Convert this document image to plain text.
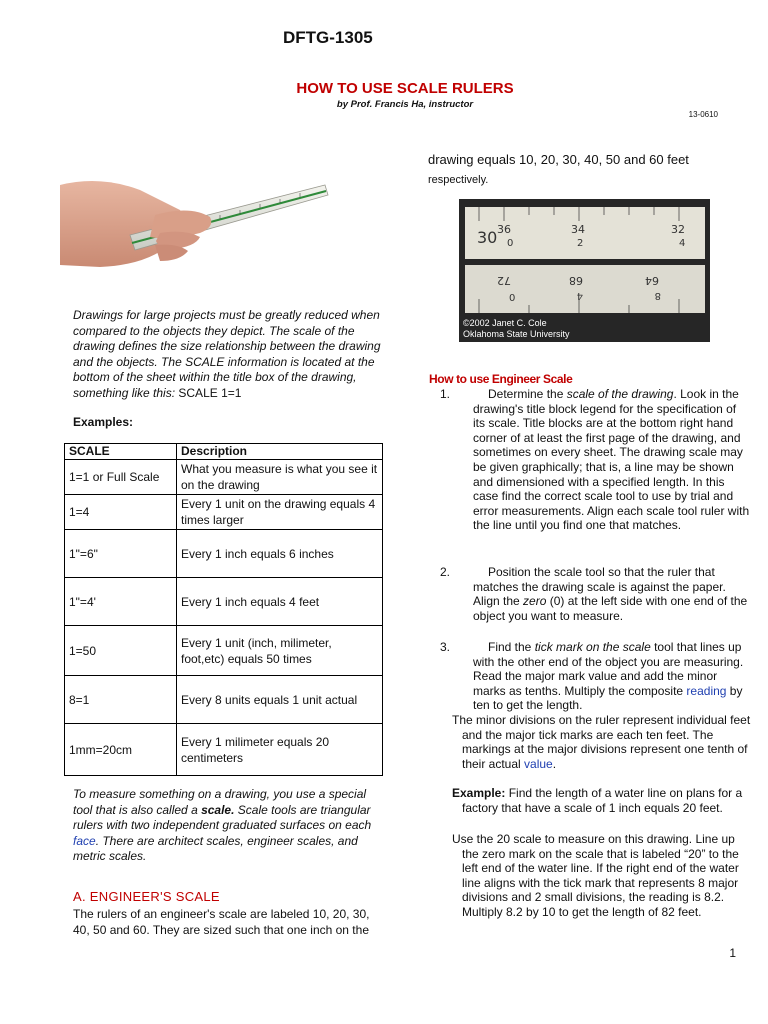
DFTG-1305
HOW TO USE SCALE RULERS
by Prof. Francis Ha, instructor
13-0610
Drawings for large projects must be greatly reduced when compared to the objects they depict. The scale of the drawing defines the size relationship between the drawing and the objects. The SCALE information is located at the bottom of the sheet within the title box of the drawing, something like this: SCALE 1=1
Examples:
SCALE	Description
1=1 or Full Scale	What you measure is what you see it on the drawing
1=4	Every 1 unit on the drawing equals 4 times larger
1"=6"	Every 1 inch equals 6 inches
1"=4'	Every 1 inch equals 4 feet
1=50	Every 1 unit (inch, milimeter, foot,etc) equals 50 times
8=1	Every 8 units equals 1 unit actual
1mm=20cm	Every 1 milimeter equals 20 centimeters
To measure something on a drawing, you use a special tool that is also called a scale. Scale tools are triangular rulers with two independent graduated surfaces on each face. There are architect scales, engineer scales, and metric scales.
A. ENGINEER'S SCALE
The rulers of an engineer's scale are labeled 10, 20, 30, 40, 50 and 60. They are sized such that one inch on the
drawing equals 10, 20, 30, 40, 50 and 60 feet respectively.
30 36
0
34
2
32
4
72
0
68
4
64
8
©2002 Janet C. Cole
Oklahoma State University
How to use Engineer Scale
1.	Determine the scale of the drawing. Look in the drawing's title block legend for the specification of its scale. Title blocks are at the bottom right hand corner of at least the first page of the drawing, and sometimes on every sheet. The drawing scale may be given graphically; that is, a line may be shown and dimensioned with a specified length. In this case find the correct scale tool to use by trial and error measurements. Align each scale tool ruler with the line until you find one that matches.
2.	Position the scale tool so that the ruler that matches the drawing scale is against the paper. Align the zero (0) at the left side with one end of the object you want to measure.
3.	Find the tick mark on the scale tool that lines up with the other end of the object you are measuring. Read the major mark value and add the minor marks as tenths. Multiply the composite reading by ten to get the length.
The minor divisions on the ruler represent individual feet and the major tick marks are each ten feet. The markings at the major divisions represent one tenth of their actual value.
Example: Find the length of a water line on plans for a factory that have a scale of 1 inch equals 20 feet.
Use the 20 scale to measure on this drawing. Line up the zero mark on the scale that is labeled “20” to the left end of the water line. If the right end of the water line aligns with the tick mark that represents 8 major divisions and 2 small divisions, the reading is 8.2. Multiply 8.2 by 10 to get the length of 82 feet.
1
